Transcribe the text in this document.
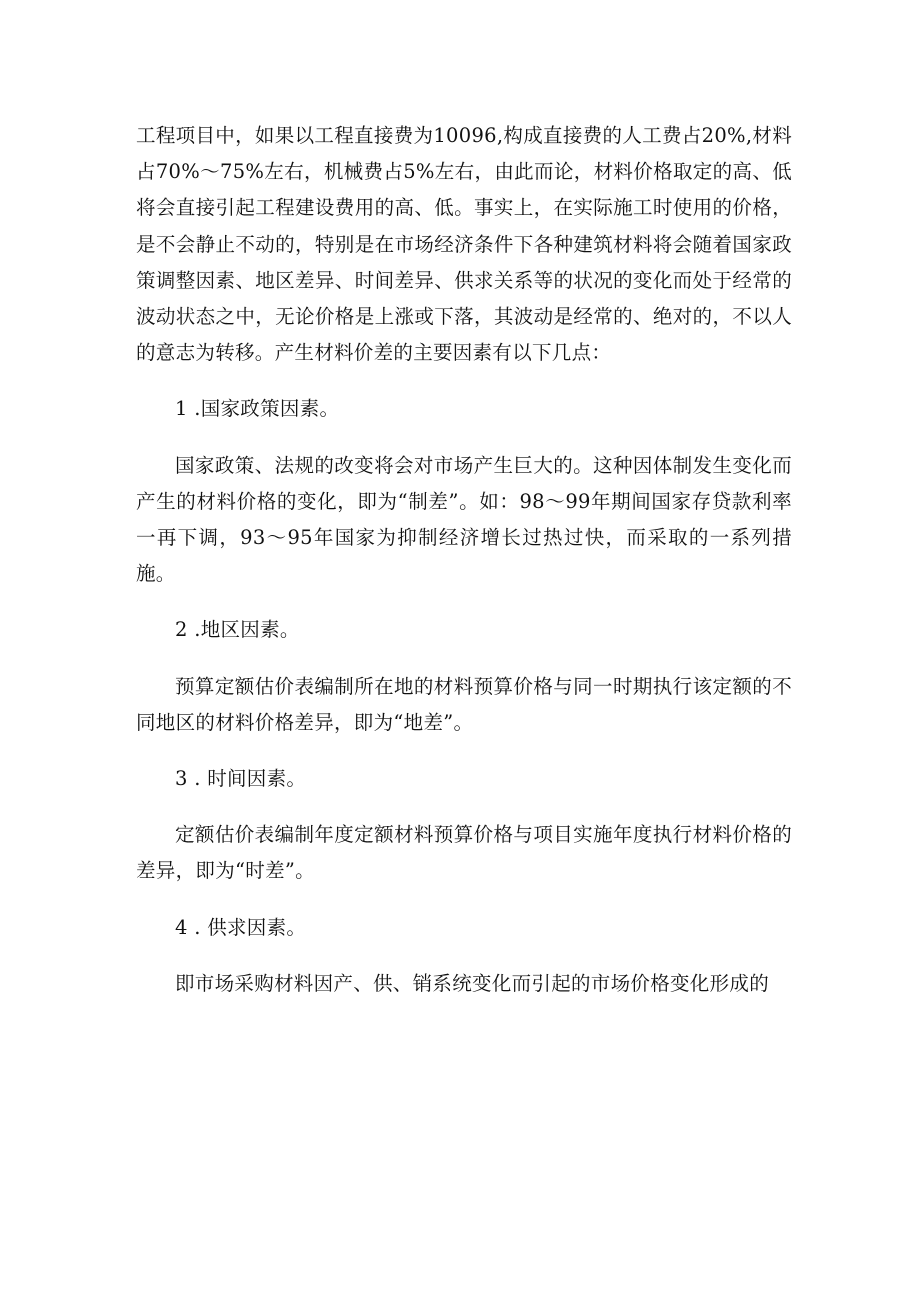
工程项目中，如果以工程直接费为10096,构成直接费的人工费占20%,材料占70%～75%左右，机械费占5%左右，由此而论，材料价格取定的高、低将会直接引起工程建设费用的高、低。事实上，在实际施工时使用的价格，是不会静止不动的，特别是在市场经济条件下各种建筑材料将会随着国家政策调整因素、地区差异、时间差异、供求关系等的状况的变化而处于经常的波动状态之中，无论价格是上涨或下落，其波动是经常的、绝对的，不以人的意志为转移。产生材料价差的主要因素有以下几点：

1 .国家政策因素。

国家政策、法规的改变将会对市场产生巨大的。这种因体制发生变化而产生的材料价格的变化，即为“制差”。如：98～99年期间国家存贷款利率一再下调，93～95年国家为抑制经济增长过热过快，而采取的一系列措施。

2 .地区因素。

预算定额估价表编制所在地的材料预算价格与同一时期执行该定额的不同地区的材料价格差异，即为“地差”。

3 . 时间因素。

定额估价表编制年度定额材料预算价格与项目实施年度执行材料价格的差异，即为“时差”。

4 . 供求因素。

即市场采购材料因产、供、销系统变化而引起的市场价格变化形成的
